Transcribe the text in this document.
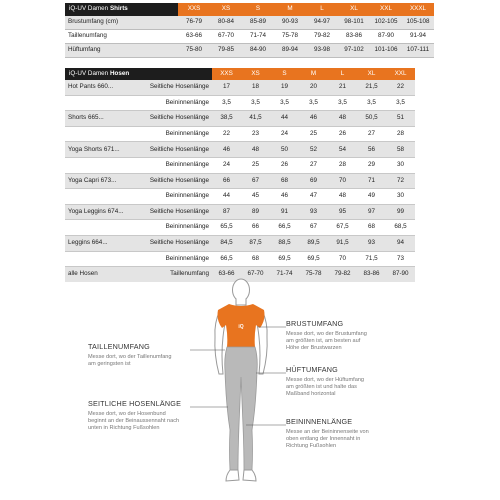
iQ-UV Damen Shirts	XXS	XS	S	M	L	XL	XXL	XXXL
Brustumfang (cm)	76-79	80-84	85-89	90-93	94-97	98-101	102-105	105-108
Taillenumfang	63-66	67-70	71-74	75-78	79-82	83-86	87-90	91-94
Hüftumfang	75-80	79-85	84-90	89-94	93-98	97-102	101-106	107-111
iQ-UV Damen Hosen		XXS	XS	S	M	L	XL	XXL
Hot Pants 660...	Seitliche Hosenlänge	17	18	19	20	21	21,5	22
	Beininnenlänge	3,5	3,5	3,5	3,5	3,5	3,5	3,5
Shorts 665...	Seitliche Hosenlänge	38,5	41,5	44	46	48	50,5	51
	Beininnenlänge	22	23	24	25	26	27	28
Yoga Shorts 671...	Seitliche Hosenlänge	46	48	50	52	54	56	58
	Beininnenlänge	24	25	26	27	28	29	30
Yoga Capri 673...	Seitliche Hosenlänge	66	67	68	69	70	71	72
	Beininnenlänge	44	45	46	47	48	49	30
Yoga Leggins 674...	Seitliche Hosenlänge	87	89	91	93	95	97	99
	Beininnenlänge	65,5	66	66,5	67	67,5	68	68,5
Leggins 664...	Seitliche Hosenlänge	84,5	87,5	88,5	89,5	91,5	93	94
	Beininnenlänge	66,5	68	69,5	69,5	70	71,5	73
alle Hosen	Taillenumfang	63-66	67-70	71-74	75-78	79-82	83-86	87-90
iQ	BRUSTUMFANG
Messe dort, wo der Brustumfang
am größten ist, am besten auf
Höhe der Brustwarzen
HÜFTUMFANG
Messe dort, wo der Hüftumfang
am größten ist und halte das
Maßband horizontal
BEININNENLÄNGE
Messe an der Beininnenseite von
oben entlang der Innennaht in
Richtung Fußsohlen
TAILLENUMFANG
Messe dort, wo der Taillenumfang
am geringsten ist
SEITLICHE HOSENLÄNGE
Messe dort, wo der Hosenbund
beginnt an der Beinaussennaht nach
unten in Richtung Fußsohlen
